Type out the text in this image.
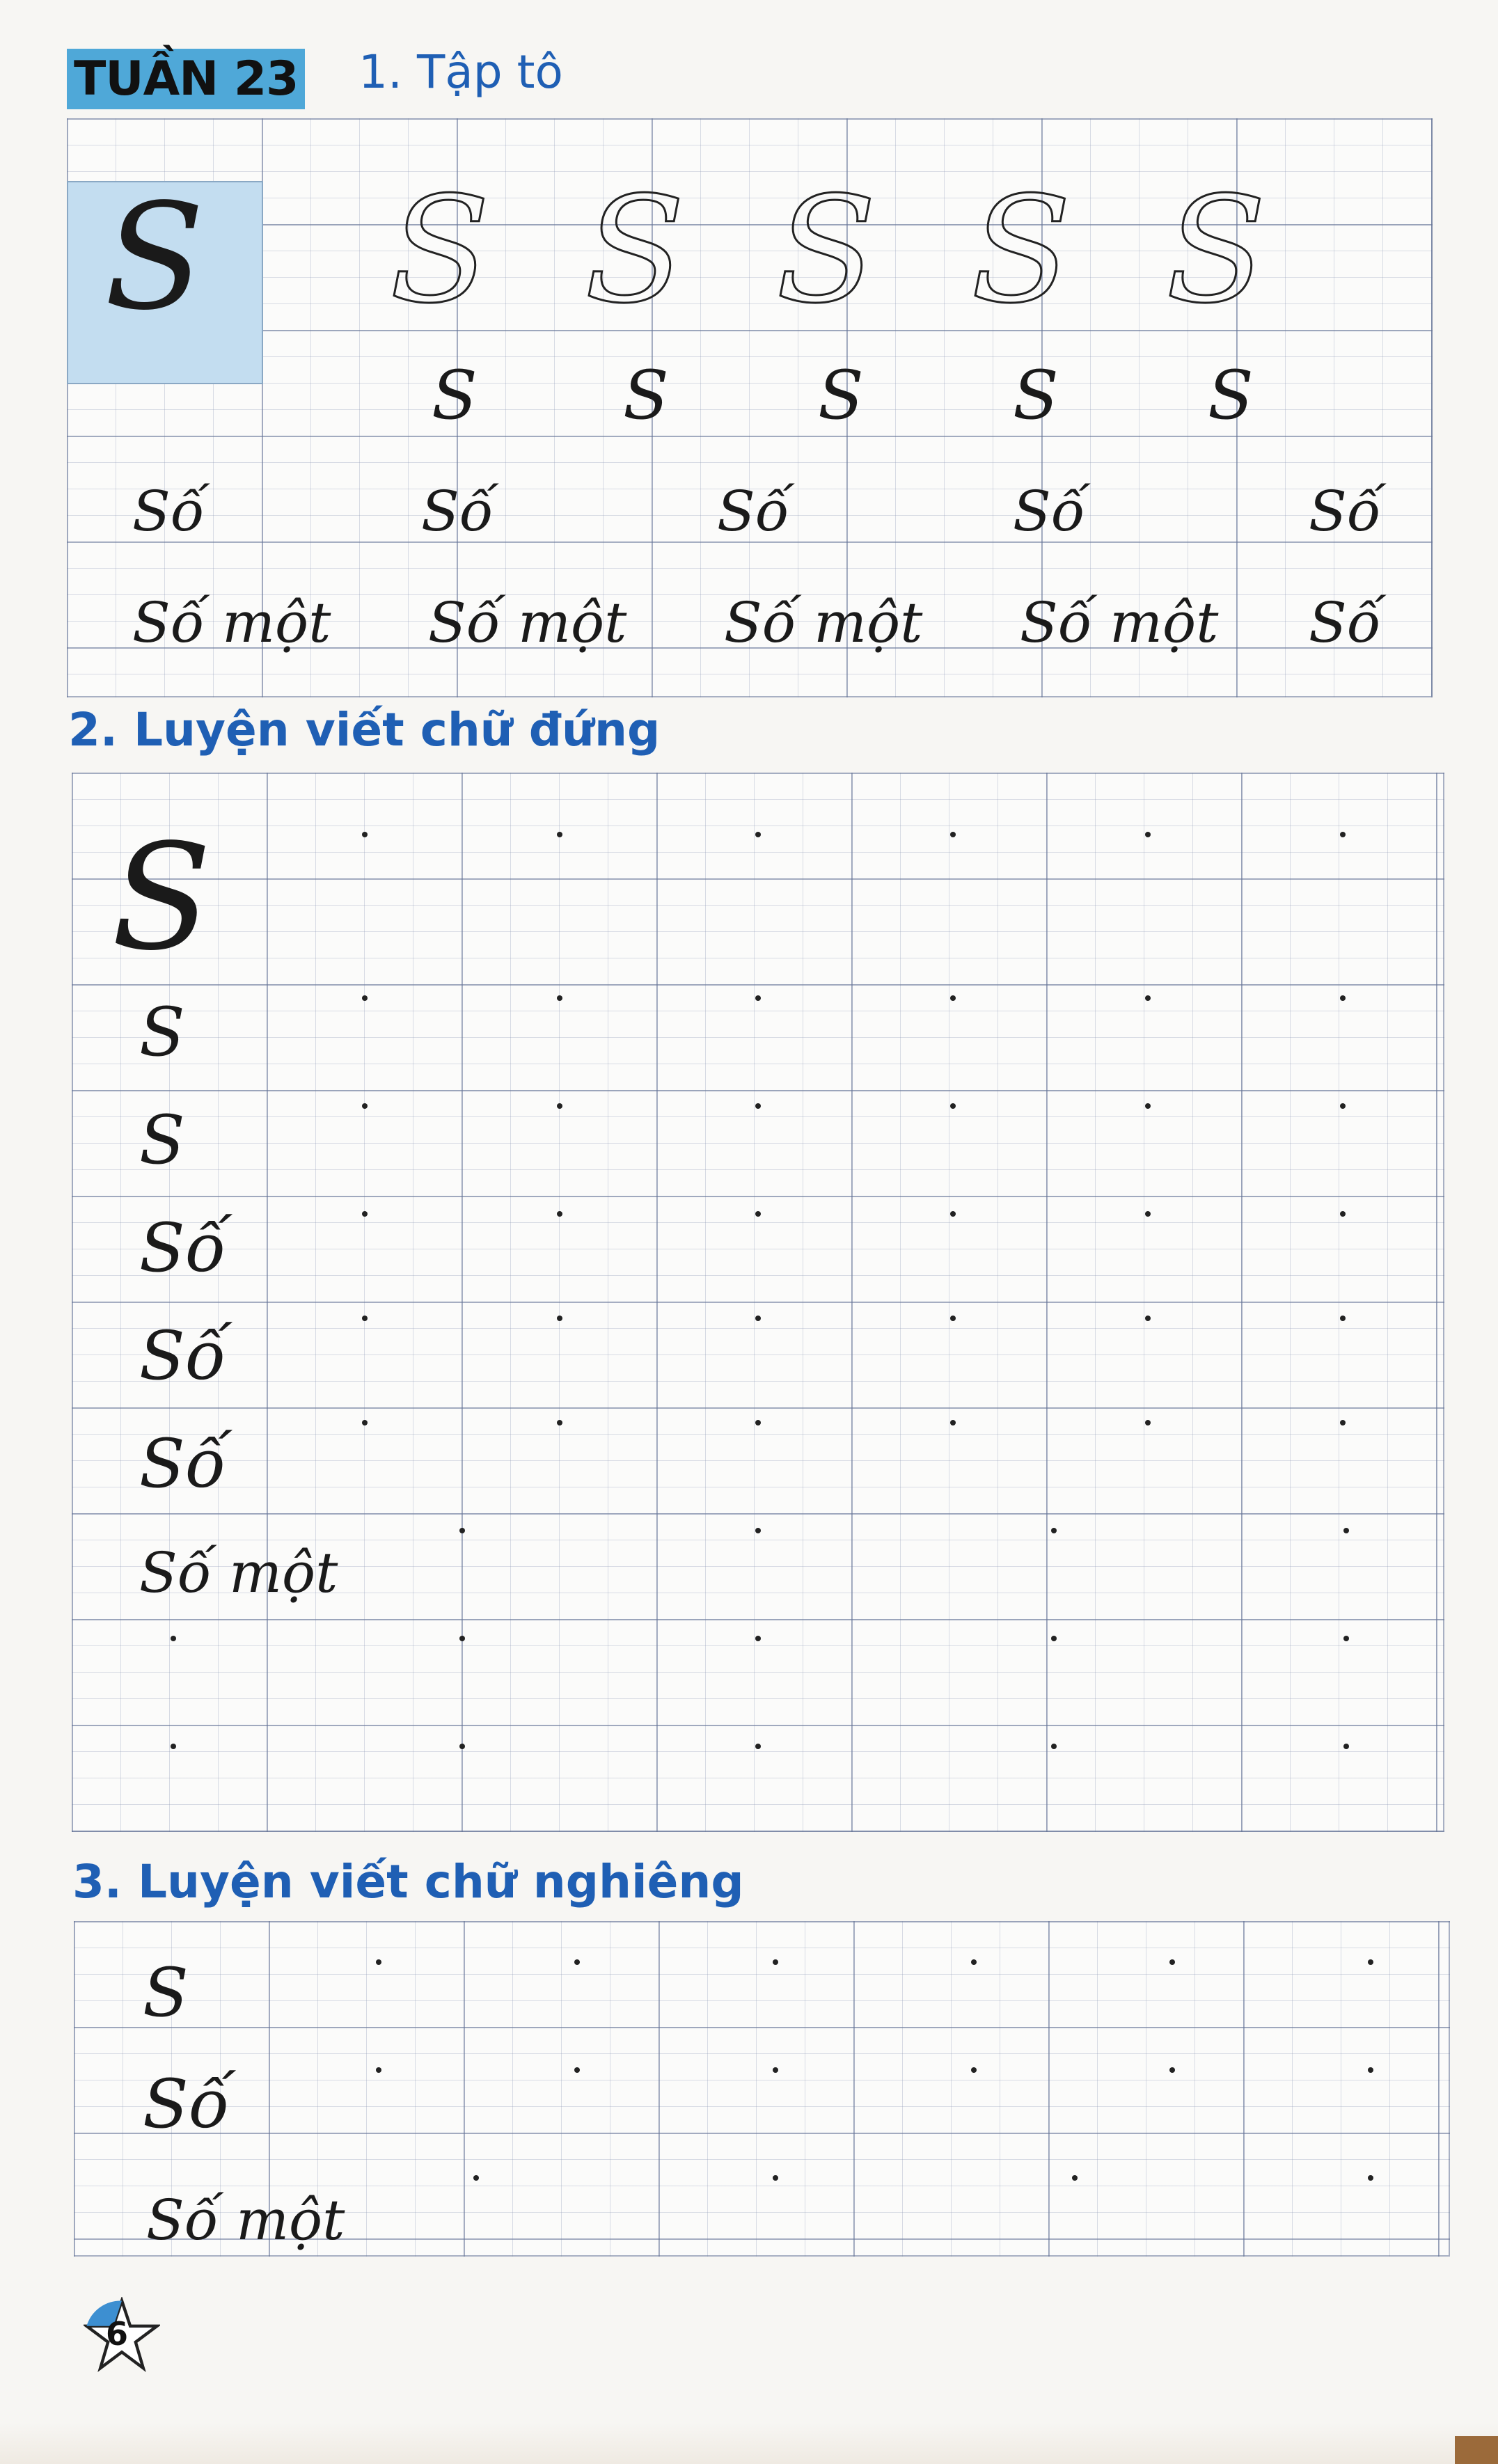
TUẦN 23 1. Tập tô
S S S S S S
S S S S S
Số	Số	Số	Số	Số
Số một Số một Số một Số một Số
2. Luyện viết chữ đứng
S
S
S
Số
Số
Số
Số một
3. Luyện viết chữ nghiêng
S
Số
Số một
6
